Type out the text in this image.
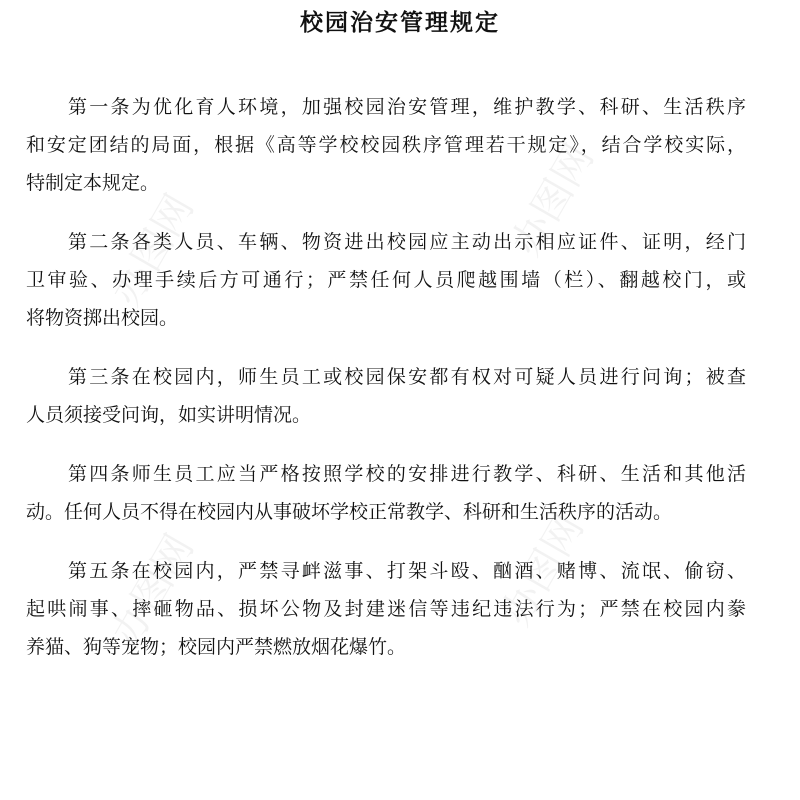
办图网	办图网
办图网	办图网
校园治安管理规定
第一条为优化育人环境，加强校园治安管理，维护教学、科研、生活秩序
和安定团结的局面，根据《高等学校校园秩序管理若干规定》，结合学校实际，
特制定本规定。
第二条各类人员、车辆、物资进出校园应主动出示相应证件、证明，经门
卫审验、办理手续后方可通行；严禁任何人员爬越围墙（栏）、翻越校门，或
将物资掷出校园。
第三条在校园内，师生员工或校园保安都有权对可疑人员进行问询；被查
人员须接受问询，如实讲明情况。
第四条师生员工应当严格按照学校的安排进行教学、科研、生活和其他活
动。任何人员不得在校园内从事破坏学校正常教学、科研和生活秩序的活动。
第五条在校园内，严禁寻衅滋事、打架斗殴、酗酒、赌博、流氓、偷窃、
起哄闹事、摔砸物品、损坏公物及封建迷信等违纪违法行为；严禁在校园内豢
养猫、狗等宠物；校园内严禁燃放烟花爆竹。
